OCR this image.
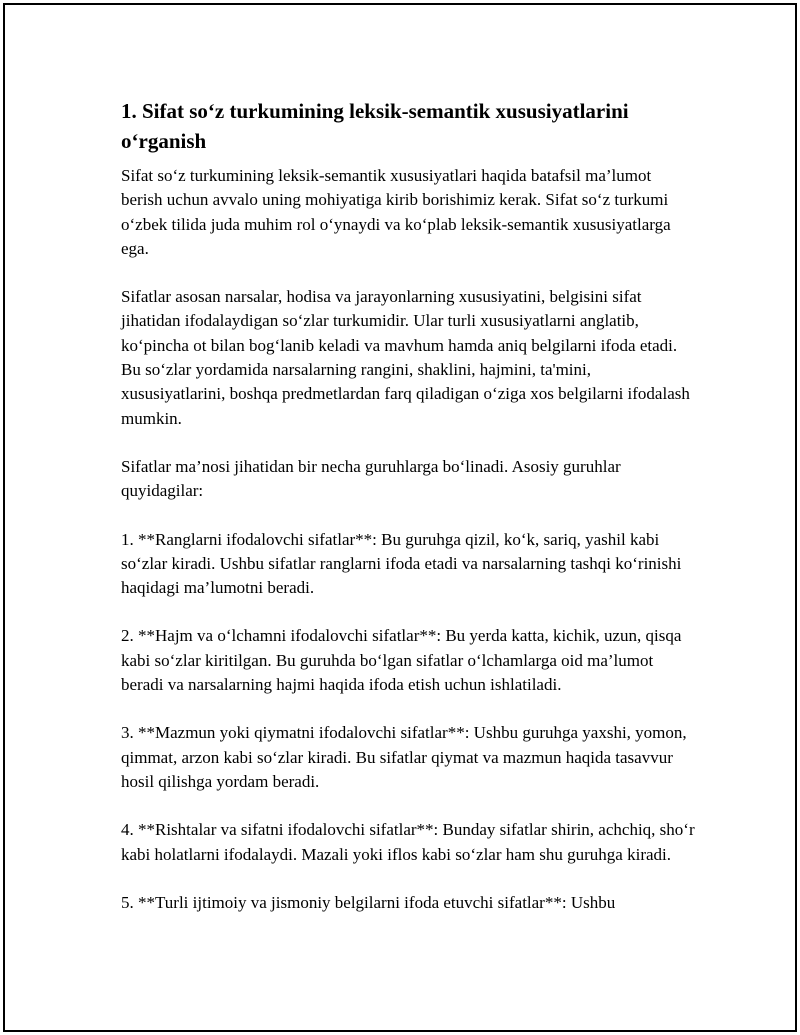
1. Sifat so‘z turkumining leksik-semantik xususiyatlarini o‘rganish

Sifat so‘z turkumining leksik-semantik xususiyatlari haqida batafsil ma’lumot berish uchun avvalo uning mohiyatiga kirib borishimiz kerak. Sifat so‘z turkumi o‘zbek tilida juda muhim rol o‘ynaydi va ko‘plab leksik-semantik xususiyatlarga ega.

Sifatlar asosan narsalar, hodisa va jarayonlarning xususiyatini, belgisini sifat jihatidan ifodalaydigan so‘zlar turkumidir. Ular turli xususiyatlarni anglatib, ko‘pincha ot bilan bog‘lanib keladi va mavhum hamda aniq belgilarni ifoda etadi. Bu so‘zlar yordamida narsalarning rangini, shaklini, hajmini, ta'mini, xususiyatlarini, boshqa predmetlardan farq qiladigan o‘ziga xos belgilarni ifodalash mumkin.

Sifatlar ma’nosi jihatidan bir necha guruhlarga bo‘linadi. Asosiy guruhlar quyidagilar:

1. **Ranglarni ifodalovchi sifatlar**: Bu guruhga qizil, ko‘k, sariq, yashil kabi so‘zlar kiradi. Ushbu sifatlar ranglarni ifoda etadi va narsalarning tashqi ko‘rinishi haqidagi ma’lumotni beradi.

2. **Hajm va o‘lchamni ifodalovchi sifatlar**: Bu yerda katta, kichik, uzun, qisqa kabi so‘zlar kiritilgan. Bu guruhda bo‘lgan sifatlar o‘lchamlarga oid ma’lumot beradi va narsalarning hajmi haqida ifoda etish uchun ishlatiladi.

3. **Mazmun yoki qiymatni ifodalovchi sifatlar**: Ushbu guruhga yaxshi, yomon, qimmat, arzon kabi so‘zlar kiradi. Bu sifatlar qiymat va mazmun haqida tasavvur hosil qilishga yordam beradi.

4. **Rishtalar va sifatni ifodalovchi sifatlar**: Bunday sifatlar shirin, achchiq, sho‘r kabi holatlarni ifodalaydi. Mazali yoki iflos kabi so‘zlar ham shu guruhga kiradi.

5. **Turli ijtimoiy va jismoniy belgilarni ifoda etuvchi sifatlar**: Ushbu
